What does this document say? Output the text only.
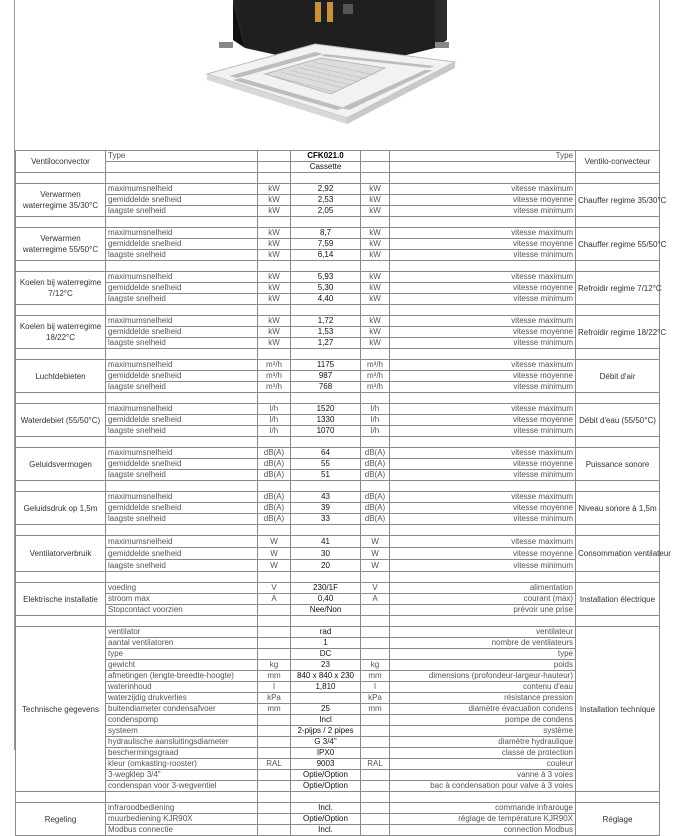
Ventiloconvector	Type		CFK021.0		Type	Ventilo-convecteur
			Cassette			

Verwarmen
waterregime 35/30°C	maximumsnelheid	kW	2,92	kW	vitesse maximum	Chauffer regime 35/30°C
	gemiddelde snelheid	kW	2,53	kW	vitesse moyenne	
	laagste snelheid	kW	2,05	kW	vitesse minimum	

Verwarmen
waterregime 55/50°C	maximumsnelheid	kW	8,7	kW	vitesse maximum	Chauffer regime 55/50°C
	gemiddelde snelheid	kW	7,59	kW	vitesse moyenne	
	laagste snelheid	kW	6,14	kW	vitesse minimum	

Koelen bij waterregime
7/12°C	maximumsnelheid	kW	5,93	kW	vitesse maximum	Refroidir regime 7/12°C
	gemiddelde snelheid	kW	5,30	kW	vitesse moyenne	
	laagste snelheid	kW	4,40	kW	vitesse minimum	

Koelen bij waterregime
18/22°C	maximumsnelheid	kW	1,72	kW	vitesse maximum	Refroidir regime 18/22°C
	gemiddelde snelheid	kW	1,53	kW	vitesse moyenne	
	laagste snelheid	kW	1,27	kW	vitesse minimum	

Luchtdebieten	maximumsnelheid	m³/h	1175	m³/h	vitesse maximum	Débit d'air
	gemiddelde snelheid	m³/h	987	m³/h	vitesse moyenne	
	laagste snelheid	m³/h	768	m³/h	vitesse minimum	

Waterdebiet (55/50°C)	maximumsnelheid	l/h	1520	l/h	vitesse maximum	Débit d'eau (55/50°C)
	gemiddelde snelheid	l/h	1330	l/h	vitesse moyenne	
	laagste snelheid	l/h	1070	l/h	vitesse minimum	

Geluidsvermogen	maximumsnelheid	dB(A)	64	dB(A)	vitesse maximum	Puissance sonore
	gemiddelde snelheid	dB(A)	55	dB(A)	vitesse moyenne	
	laagste snelheid	dB(A)	51	dB(A)	vitesse minimum	

Geluidsdruk op 1,5m	maximumsnelheid	dB(A)	43	dB(A)	vitesse maximum	Niveau sonore à 1,5m
	gemiddelde snelheid	dB(A)	39	dB(A)	vitesse moyenne	
	laagste snelheid	dB(A)	33	dB(A)	vitesse minimum	

Ventilatorverbruik	maximumsnelheid	W	41	W	vitesse maximum	Consommation ventilateur
	gemiddelde snelheid	W	30	W	vitesse moyenne	
	laagste snelheid	W	20	W	vitesse minimum	

Elektrische installatie	voeding	V	230/1F	V	alimentation	Installation électrique
	stroom max	A	0,40	A	courant (max)	
	Stopcontact voorzien		Nee/Non		prévoir une prise	

Technische gegevens	ventilator		rad		ventilateur	Installation technique
	aantal ventilatoren		1		nombre de ventilateurs	
	type		DC		type	
	gewicht	kg	23	kg	poids	
	afmetingen (lengte-breedte-hoogte)	mm	840 x 840 x 230	mm	dimensions (profondeur-largeur-hauteur)	
	waterinhoud	l	1,810	l	contenu d'eau	
	waterzijdig drukverlies	kPa		kPa	résistance pression	
	buitendiameter condensafvoer	mm	25	mm	diamètre évacuation condens	
	condenspomp		Incl		pompe de condens	
	systeem		2-pijps / 2 pipes		système	
	hydraulische aansluitingsdiameter		G 3/4"		diamètre hydraulique	
	beschermingsgraad		IPX0		classe de protection	
	kleur (omkasting-rooster)	RAL	9003	RAL	couleur	
	3-wegklep 3/4"		Optie/Option		vanne à 3 voies	
	condenspan voor 3-wegventiel		Optie/Option		bac à condensation pour valve à 3 voies	

Regeling	infraroodbediening		Incl.		commande infrarouge	Réglage
	muurbediening KJR90X		Optie/Option		réglage de température KJR90X	
	Modbus connectie		Incl.		connection Modbus	
